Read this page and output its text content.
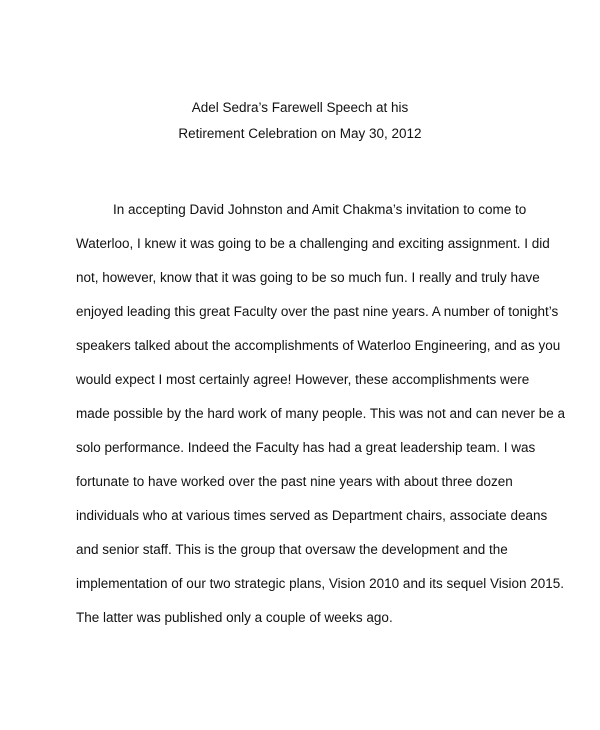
Adel Sedra’s Farewell Speech at his
Retirement Celebration on May 30, 2012
In accepting David Johnston and Amit Chakma’s invitation to come to
Waterloo, I knew it was going to be a challenging and exciting assignment. I did
not, however, know that it was going to be so much fun. I really and truly have
enjoyed leading this great Faculty over the past nine years. A number of tonight’s
speakers talked about the accomplishments of Waterloo Engineering, and as you
would expect I most certainly agree! However, these accomplishments were
made possible by the hard work of many people. This was not and can never be a
solo performance. Indeed the Faculty has had a great leadership team. I was
fortunate to have worked over the past nine years with about three dozen
individuals who at various times served as Department chairs, associate deans
and senior staff. This is the group that oversaw the development and the
implementation of our two strategic plans, Vision 2010 and its sequel Vision 2015.
The latter was published only a couple of weeks ago.
